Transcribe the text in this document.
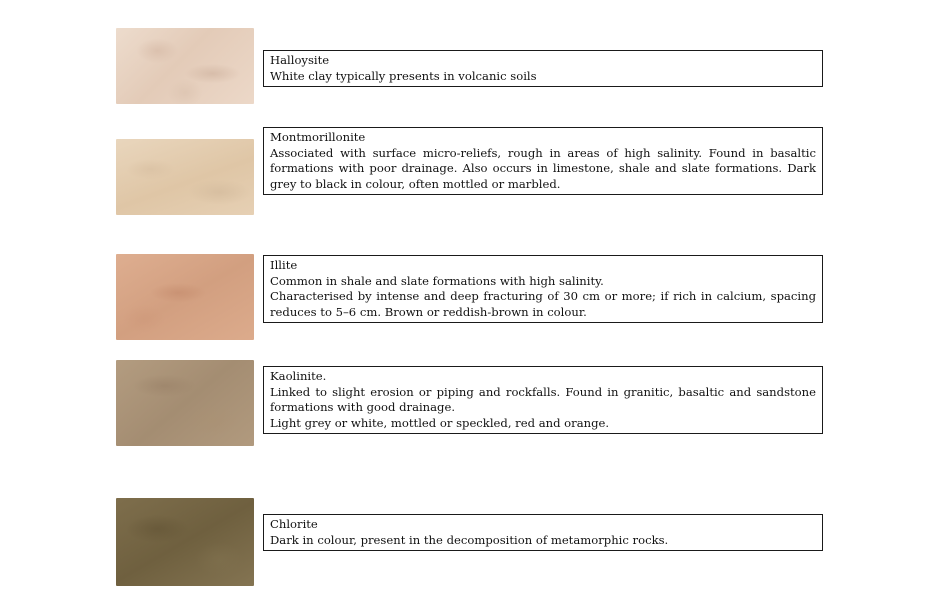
Halloysite
White clay typically presents in volcanic soils
Montmorillonite
Associated with surface micro-reliefs, rough in areas of high salinity. Found in basaltic formations with poor drainage. Also occurs in limestone, shale and slate formations. Dark grey to black in colour, often mottled or marbled.
Illite
Common in shale and slate formations with high salinity.
Characterised by intense and deep fracturing of 30 cm or more; if rich in calcium, spacing reduces to 5–6 cm. Brown or reddish-brown in colour.
Kaolinite.
Linked to slight erosion or piping and rockfalls. Found in granitic, basaltic and sandstone formations with good drainage.
Light grey or white, mottled or speckled, red and orange.
Chlorite
Dark in colour, present in the decomposition of metamorphic rocks.
